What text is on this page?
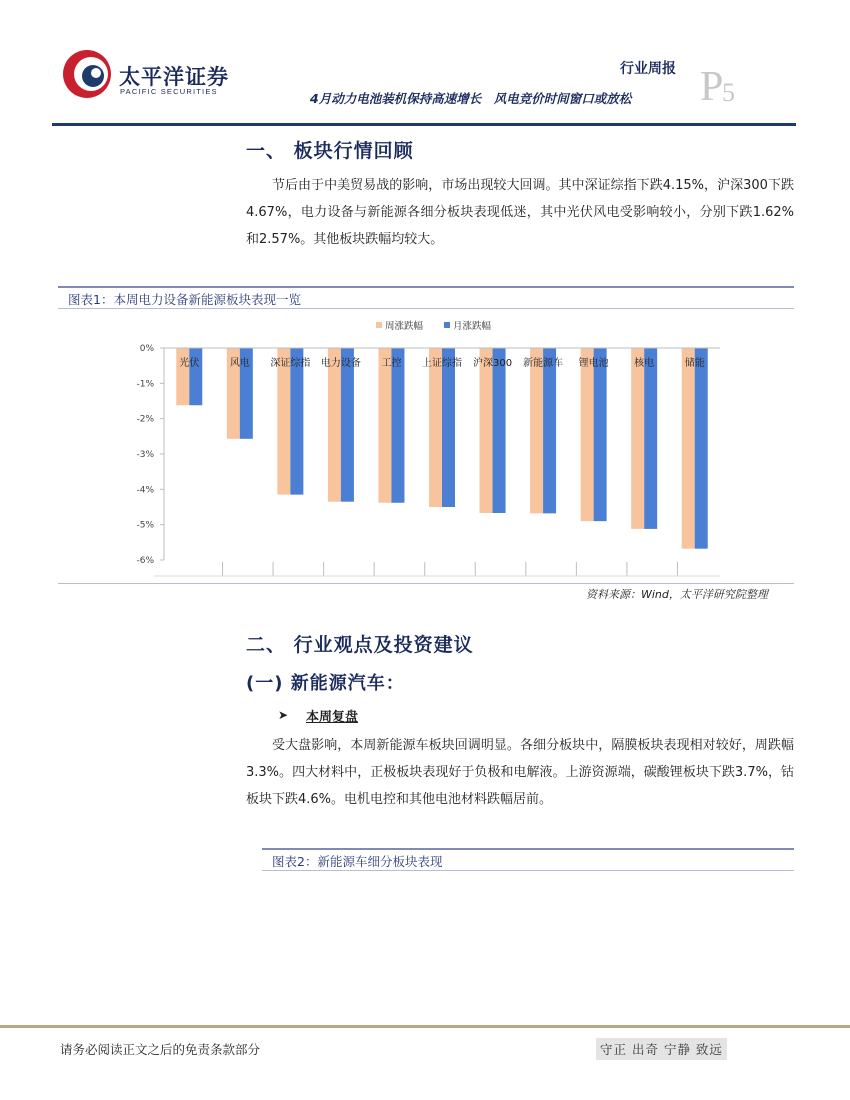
太平洋证券
PACIFIC SECURITIES
行业周报
4月动力电池装机保持高速增长　风电竞价时间窗口或放松 P
5
一、 板块行情回顾
节后由于中美贸易战的影响，市场出现较大回调。其中深证综指下跌4.15%，沪深300下跌4.67%，电力设备与新能源各细分板块表现低迷，其中光伏风电受影响较小，分别下跌1.62%和2.57%。其他板块跌幅均较大。
图表1：本周电力设备新能源板块表现一览
周涨跌幅	月涨跌幅
0%
-1%
-2%
-3%
-4%
-5%
-6%
光伏	风电 深证综指 电力设备 工控 上证综指 沪深300 新能源车 锂电池	核电	储能
资料来源：Wind，太平洋研究院整理
二、 行业观点及投资建议
(一) 新能源汽车：
➤ 本周复盘
受大盘影响，本周新能源车板块回调明显。各细分板块中，隔膜板块表现相对较好，周跌幅3.3%。四大材料中，正极板块表现好于负极和电解液。上游资源端，碳酸锂板块下跌3.7%，钴板块下跌4.6%。电机电控和其他电池材料跌幅居前。
图表2：新能源车细分板块表现
请务必阅读正文之后的免责条款部分	守正 出奇 宁静 致远
